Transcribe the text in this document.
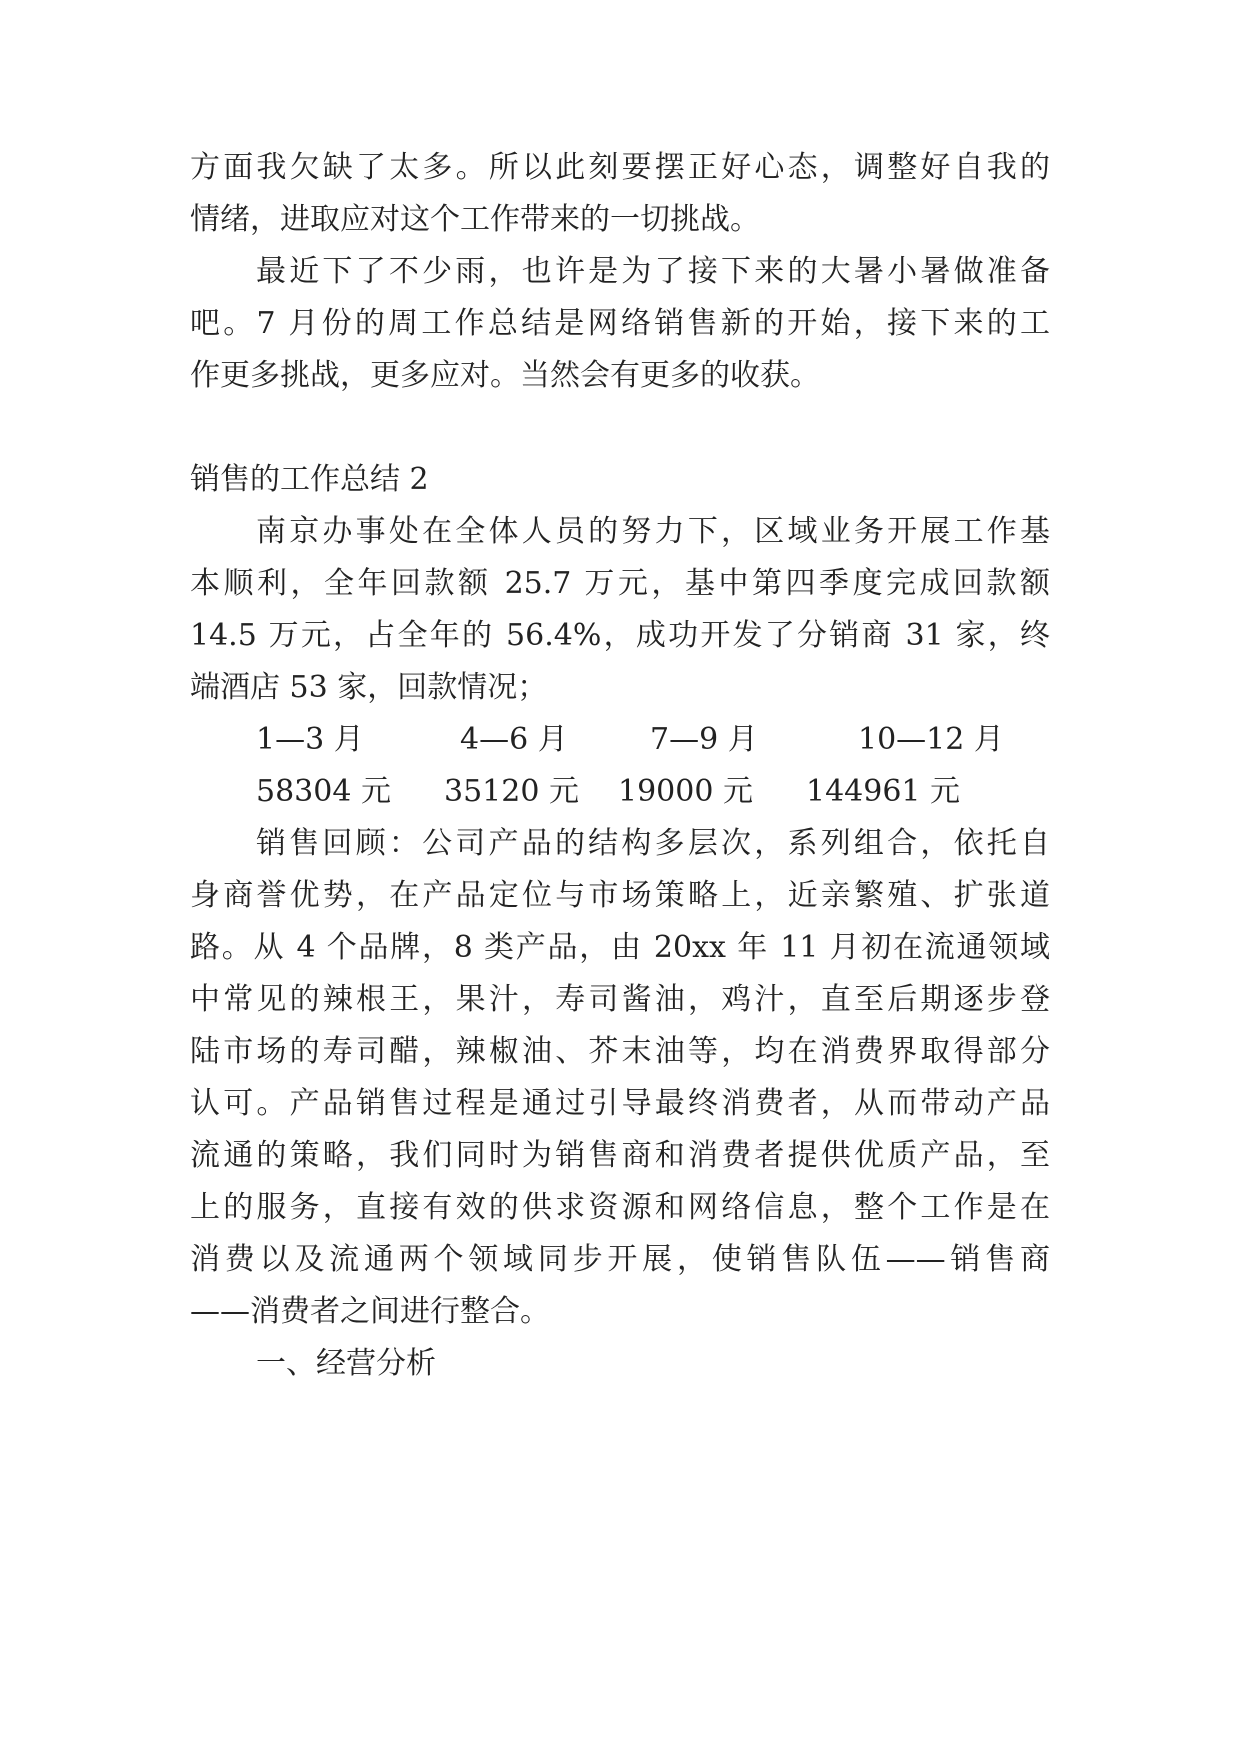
方面我欠缺了太多。所以此刻要摆正好心态，调整好自我的
情绪，进取应对这个工作带来的一切挑战。
最近下了不少雨，也许是为了接下来的大暑小暑做准备
吧。7 月份的周工作总结是网络销售新的开始，接下来的工
作更多挑战，更多应对。当然会有更多的收获。
销售的工作总结 2
南京办事处在全体人员的努力下，区域业务开展工作基
本顺利，全年回款额 25.7 万元，基中第四季度完成回款额
14.5 万元，占全年的 56.4%，成功开发了分销商 31 家，终
端酒店 53 家，回款情况；
1—3 月	4—6 月	7—9 月	10—12 月
58304 元 35120 元 19000 元 144961 元
销售回顾：公司产品的结构多层次，系列组合，依托自
身商誉优势，在产品定位与市场策略上，近亲繁殖、扩张道
路。从 4 个品牌，8 类产品，由 20xx 年 11 月初在流通领域
中常见的辣根王，果汁，寿司酱油，鸡汁，直至后期逐步登
陆市场的寿司醋，辣椒油、芥末油等，均在消费界取得部分
认可。产品销售过程是通过引导最终消费者，从而带动产品
流通的策略，我们同时为销售商和消费者提供优质产品，至
上的服务，直接有效的供求资源和网络信息，整个工作是在
消费以及流通两个领域同步开展，使销售队伍——销售商
——消费者之间进行整合。
一、经营分析
